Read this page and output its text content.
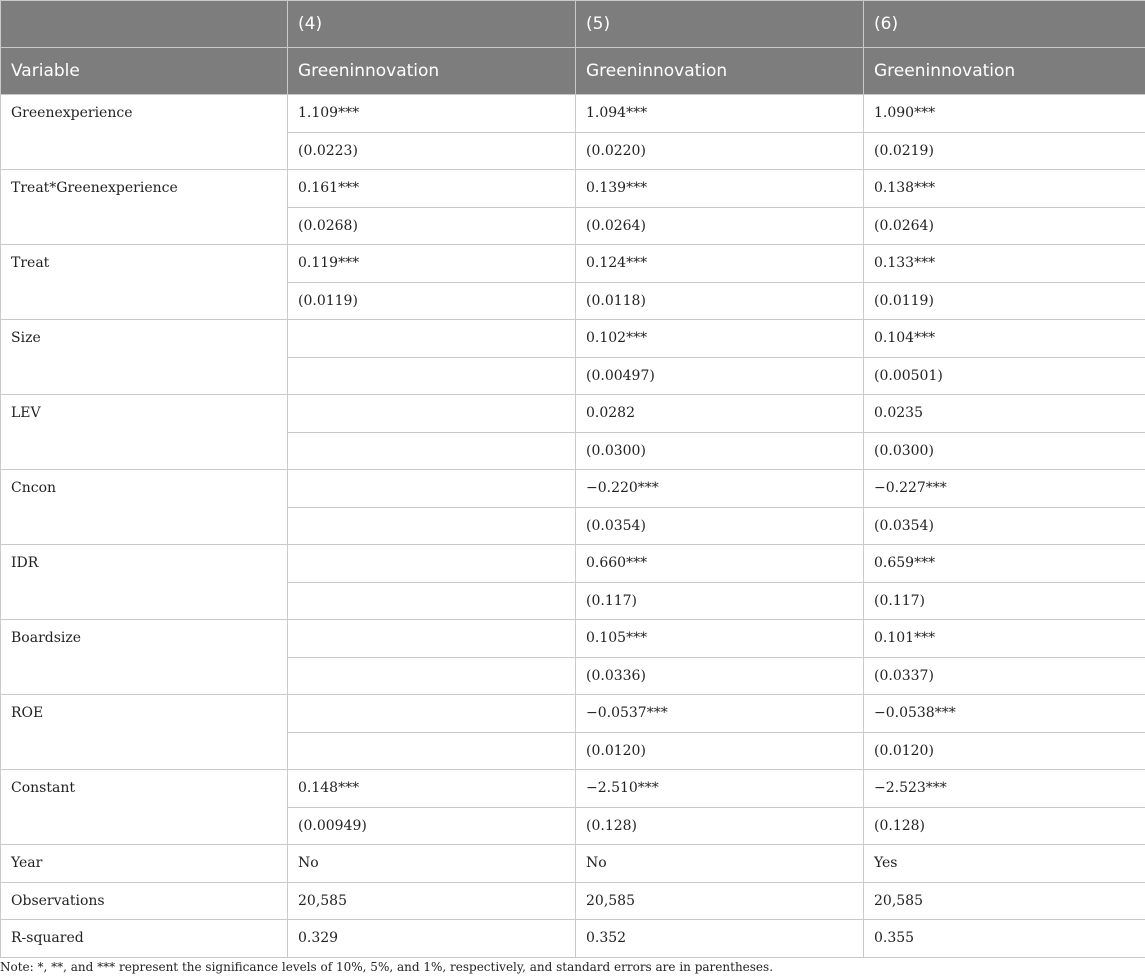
	(4)	(5)	(6)
Variable	Greeninnovation	Greeninnovation	Greeninnovation
Greenexperience	1.109***	1.094***	1.090***
	(0.0223)	(0.0220)	(0.0219)
Treat*Greenexperience	0.161***	0.139***	0.138***
	(0.0268)	(0.0264)	(0.0264)
Treat	0.119***	0.124***	0.133***
	(0.0119)	(0.0118)	(0.0119)
Size		0.102***	0.104***
		(0.00497)	(0.00501)
LEV		0.0282	0.0235
		(0.0300)	(0.0300)
Cncon		−0.220***	−0.227***
		(0.0354)	(0.0354)
IDR		0.660***	0.659***
		(0.117)	(0.117)
Boardsize		0.105***	0.101***
		(0.0336)	(0.0337)
ROE		−0.0537***	−0.0538***
		(0.0120)	(0.0120)
Constant	0.148***	−2.510***	−2.523***
	(0.00949)	(0.128)	(0.128)
Year	No	No	Yes
Observations	20,585	20,585	20,585
R-squared	0.329	0.352	0.355
Note: *, **, and *** represent the significance levels of 10%, 5%, and 1%, respectively, and standard errors are in parentheses.
